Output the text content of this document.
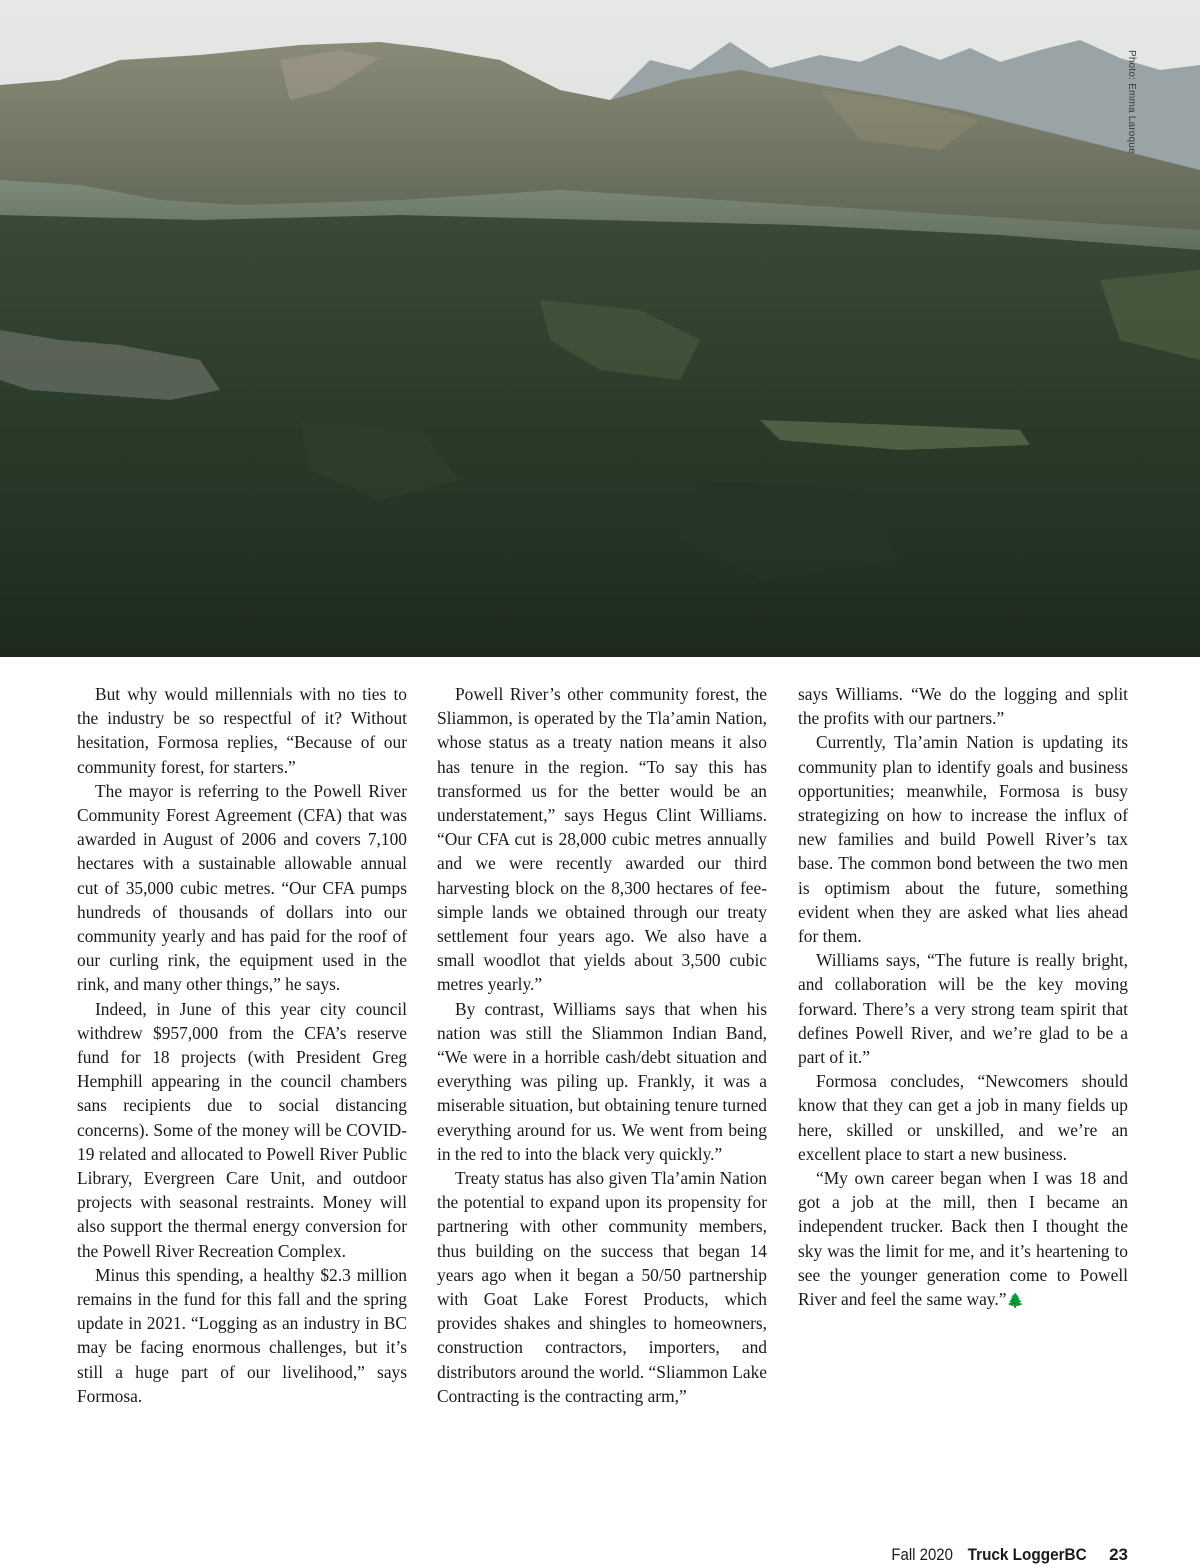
Photo: Emma Laroque

But why would millennials with no ties to the industry be so respectful of it? Without hesitation, Formosa replies, “Because of our community forest, for starters.”

The mayor is referring to the Powell River Community Forest Agreement (CFA) that was awarded in August of 2006 and covers 7,100 hectares with a sustainable allowable annual cut of 35,000 cubic metres. “Our CFA pumps hundreds of thousands of dollars into our community yearly and has paid for the roof of our curling rink, the equipment used in the rink, and many other things,” he says.

Indeed, in June of this year city council withdrew $957,000 from the CFA’s reserve fund for 18 projects (with President Greg Hemphill appearing in the council chambers sans recipients due to social distancing concerns). Some of the money will be COVID-19 related and allocated to Powell River Public Library, Evergreen Care Unit, and outdoor projects with seasonal restraints. Money will also support the thermal energy conversion for the Powell River Recreation Complex.

Minus this spending, a healthy $2.3 million remains in the fund for this fall and the spring update in 2021. “Logging as an industry in BC may be facing enormous challenges, but it’s still a huge part of our livelihood,” says Formosa.

Powell River’s other community forest, the Sliammon, is operated by the Tla’amin Nation, whose status as a treaty nation means it also has tenure in the region. “To say this has transformed us for the better would be an understatement,” says Hegus Clint Williams. “Our CFA cut is 28,000 cubic metres annually and we were recently awarded our third harvesting block on the 8,300 hectares of fee-simple lands we obtained through our treaty settlement four years ago. We also have a small woodlot that yields about 3,500 cubic metres yearly.”

By contrast, Williams says that when his nation was still the Sliammon Indian Band, “We were in a horrible cash/debt situation and everything was piling up. Frankly, it was a miserable situation, but obtaining tenure turned everything around for us. We went from being in the red to into the black very quickly.”

Treaty status has also given Tla’amin Nation the potential to expand upon its propensity for partnering with other community members, thus building on the success that began 14 years ago when it began a 50/50 partnership with Goat Lake Forest Products, which provides shakes and shingles to homeowners, construction contractors, importers, and distributors around the world. “Sliammon Lake Contracting is the contracting arm,”

says Williams. “We do the logging and split the profits with our partners.”

Currently, Tla’amin Nation is updating its community plan to identify goals and business opportunities; meanwhile, Formosa is busy strategizing on how to increase the influx of new families and build Powell River’s tax base. The common bond between the two men is optimism about the future, something evident when they are asked what lies ahead for them.

Williams says, “The future is really bright, and collaboration will be the key moving forward. There’s a very strong team spirit that defines Powell River, and we’re glad to be a part of it.”

Formosa concludes, “Newcomers should know that they can get a job in many fields up here, skilled or unskilled, and we’re an excellent place to start a new business.

“My own career began when I was 18 and got a job at the mill, then I became an independent trucker. Back then I thought the sky was the limit for me, and it’s heartening to see the younger generation come to Powell River and feel the same way.”🌲

Fall 2020 Truck LoggerBC 23
